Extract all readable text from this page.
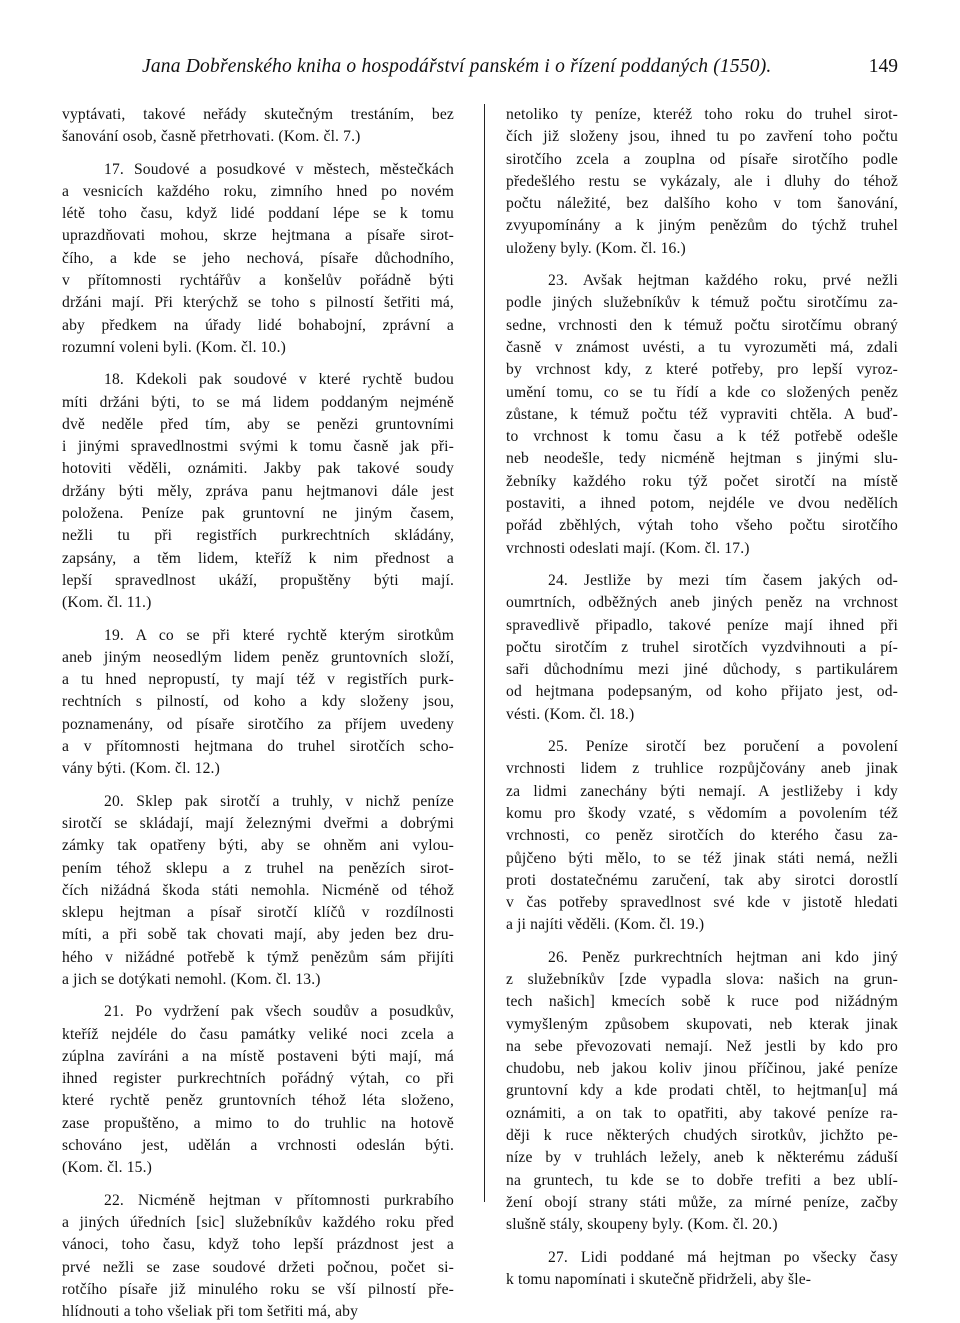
Jana Dobřenského kniha o hospodářství panském i o řízení poddaných (1550).	149
vyptávati, takové neřády skutečným trestáním, bez
šanování osob, časně přetrhovati. (Kom. čl. 7.)
17. Soudové a posudkové v městech, městečkách
a vesnicích každého roku, zimního hned po novém
létě toho času, když lidé poddaní lépe se k tomu
uprazdňovati mohou, skrze hejtmana a písaře sirot-
čího, a kde se jeho nechová, písaře důchodního,
v přítomnosti rychtářův a konšelův pořádně býti
držáni mají. Při kterýchž se toho s pilností šetřiti má,
aby předkem na úřady lidé bohabojní, zprávní a
rozumní voleni byli. (Kom. čl. 10.)
18. Kdekoli pak soudové v které rychtě budou
míti držáni býti, to se má lidem poddaným nejméně
dvě neděle před tím, aby se penězi gruntovními
i jinými spravedlnostmi svými k tomu časně jak při-
hotoviti věděli, oznámiti. Jakby pak takové soudy
držány býti měly, zpráva panu hejtmanovi dále jest
položena. Peníze pak gruntovní ne jiným časem,
nežli tu při registřích purkrechtních skládány,
zapsány, a těm lidem, kteříž k nim přednost a
lepší spravedlnost ukáží, propuštěny býti mají.
(Kom. čl. 11.)
19. A co se při které rychtě kterým sirotkům
aneb jiným neosedlým lidem peněz gruntovních složí,
a tu hned nepropustí, ty mají též v registřích purk-
rechtních s pilností, od koho a kdy složeny jsou,
poznamenány, od písaře sirotčího za příjem uvedeny
a v přítomnosti hejtmana do truhel sirotčích scho-
vány býti. (Kom. čl. 12.)
20. Sklep pak sirotčí a truhly, v nichž peníze
sirotčí se skládají, mají železnými dveřmi a dobrými
zámky tak opatřeny býti, aby se ohněm ani vylou-
pením téhož sklepu a z truhel na penězích sirot-
čích nižádná škoda státi nemohla. Nicméně od téhož
sklepu hejtman a písař sirotčí klíčů v rozdílnosti
míti, a při sobě tak chovati mají, aby jeden bez dru-
hého v nižádné potřebě k týmž penězům sám přijíti
a jich se dotýkati nemohl. (Kom. čl. 13.)
21. Po vydržení pak všech soudův a posudkův,
kteříž nejdéle do času památky veliké noci zcela a
zúplna zavíráni a na místě postaveni býti mají, má
ihned register purkrechtních pořádný výtah, co při
které rychtě peněz gruntovních téhož léta složeno,
zase propuštěno, a mimo to do truhlic na hotově
schováno jest, udělán a vrchnosti odeslán býti.
(Kom. čl. 15.)
22. Nicméně hejtman v přítomnosti purkrabího
a jiných úředních [sic] služebníkův každého roku před
vánoci, toho času, když toho lepší prázdnost jest a
prvé nežli se zase soudové držeti počnou, počet si-
rotčího písaře již minulého roku se vší pilností pře-
hlídnouti a toho všeliak při tom šetřiti má, aby
netoliko ty peníze, kteréž toho roku do truhel sirot-
čích již složeny jsou, ihned tu po zavření toho počtu
sirotčího zcela a zouplna od písaře sirotčího podle
předešlého restu se vykázaly, ale i dluhy do téhož
počtu náležité, bez dalšího koho v tom šanování,
zvyupomínány a k jiným penězům do týchž truhel
uloženy byly. (Kom. čl. 16.)
23. Avšak hejtman každého roku, prvé nežli
podle jiných služebníkův k témuž počtu sirotčímu za-
sedne, vrchnosti den k témuž počtu sirotčímu obraný
časně v známost uvésti, a tu vyrozuměti má, zdali
by vrchnost kdy, z které potřeby, pro lepší vyroz-
umění tomu, co se tu řídí a kde co složených peněz
zůstane, k témuž počtu též vypraviti chtěla. A buď-
to vrchnost k tomu času a k též potřebě odešle
neb neodešle, tedy nicméně hejtman s jinými slu-
žebníky každého roku týž počet sirotčí na místě
postaviti, a ihned potom, nejdéle ve dvou nedělích
pořád zběhlých, výtah toho všeho počtu sirotčího
vrchnosti odeslati mají. (Kom. čl. 17.)
24. Jestliže by mezi tím časem jakých od-
oumrtních, odběžných aneb jiných peněz na vrchnost
spravedlivě připadlo, takové peníze mají ihned při
počtu sirotčím z truhel sirotčích vyzdvihnouti a pí-
saři důchodnímu mezi jiné důchody, s partikulárem
od hejtmana podepsaným, od koho přijato jest, od-
vésti. (Kom. čl. 18.)
25. Peníze sirotčí bez poručení a povolení
vrchnosti lidem z truhlice rozpůjčovány aneb jinak
za lidmi zanechány býti nemají. A jestližeby i kdy
komu pro škody vzaté, s vědomím a povolením též
vrchnosti, co peněz sirotčích do kterého času za-
půjčeno býti mělo, to se též jinak státi nemá, nežli
proti dostatečnému zaručení, tak aby sirotci dorostlí
v čas potřeby spravedlnost své kde v jistotě hledati
a ji najíti věděli. (Kom. čl. 19.)
26. Peněz purkrechtních hejtman ani kdo jiný
z služebníkův [zde vypadla slova: našich na grun-
tech našich] kmecích sobě k ruce pod nižádným
vymyšleným způsobem skupovati, neb kterak jinak
na sebe převozovati nemají. Než jestli by kdo pro
chudobu, neb jakou koliv jinou příčinou, jaké peníze
gruntovní kdy a kde prodati chtěl, to hejtman[u] má
oznámiti, a on tak to opatřiti, aby takové peníze ra-
ději k ruce některých chudých sirotkův, jichžto pe-
níze by v truhlách ležely, aneb k některému záduší
na gruntech, tu kde se to dobře trefiti a bez ublí-
žení obojí strany státi může, za mírné peníze, začby
slušně stály, skoupeny byly. (Kom. čl. 20.)
27. Lidi poddané má hejtman po všecky časy
k tomu napomínati i skutečně přidrželi, aby šle-
